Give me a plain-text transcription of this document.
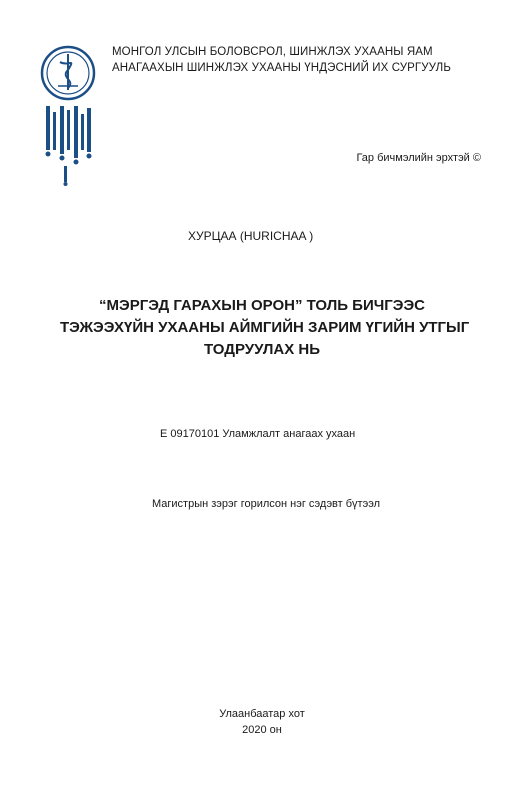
МОНГОЛ УЛСЫН БОЛОВСРОЛ, ШИНЖЛЭХ УХААНЫ ЯАМ
АНАГААХЫН ШИНЖЛЭХ УХААНЫ ҮНДЭСНИЙ ИХ СУРГУУЛЬ
Гар бичмэлийн эрхтэй ©
ХУРЦАА (HURICHAA )
“МЭРГЭД ГАРАХЫН ОРОН” ТОЛЬ БИЧГЭЭС
ТЭЖЭЭХҮЙН УХААНЫ АЙМГИЙН ЗАРИМ ҮГИЙН УТГЫГ
ТОДРУУЛАХ НЬ
Е 09170101 Уламжлалт анагаах ухаан
Магистрын зэрэг горилсон нэг сэдэвт бүтээл
Улаанбаатар хот
2020 он
